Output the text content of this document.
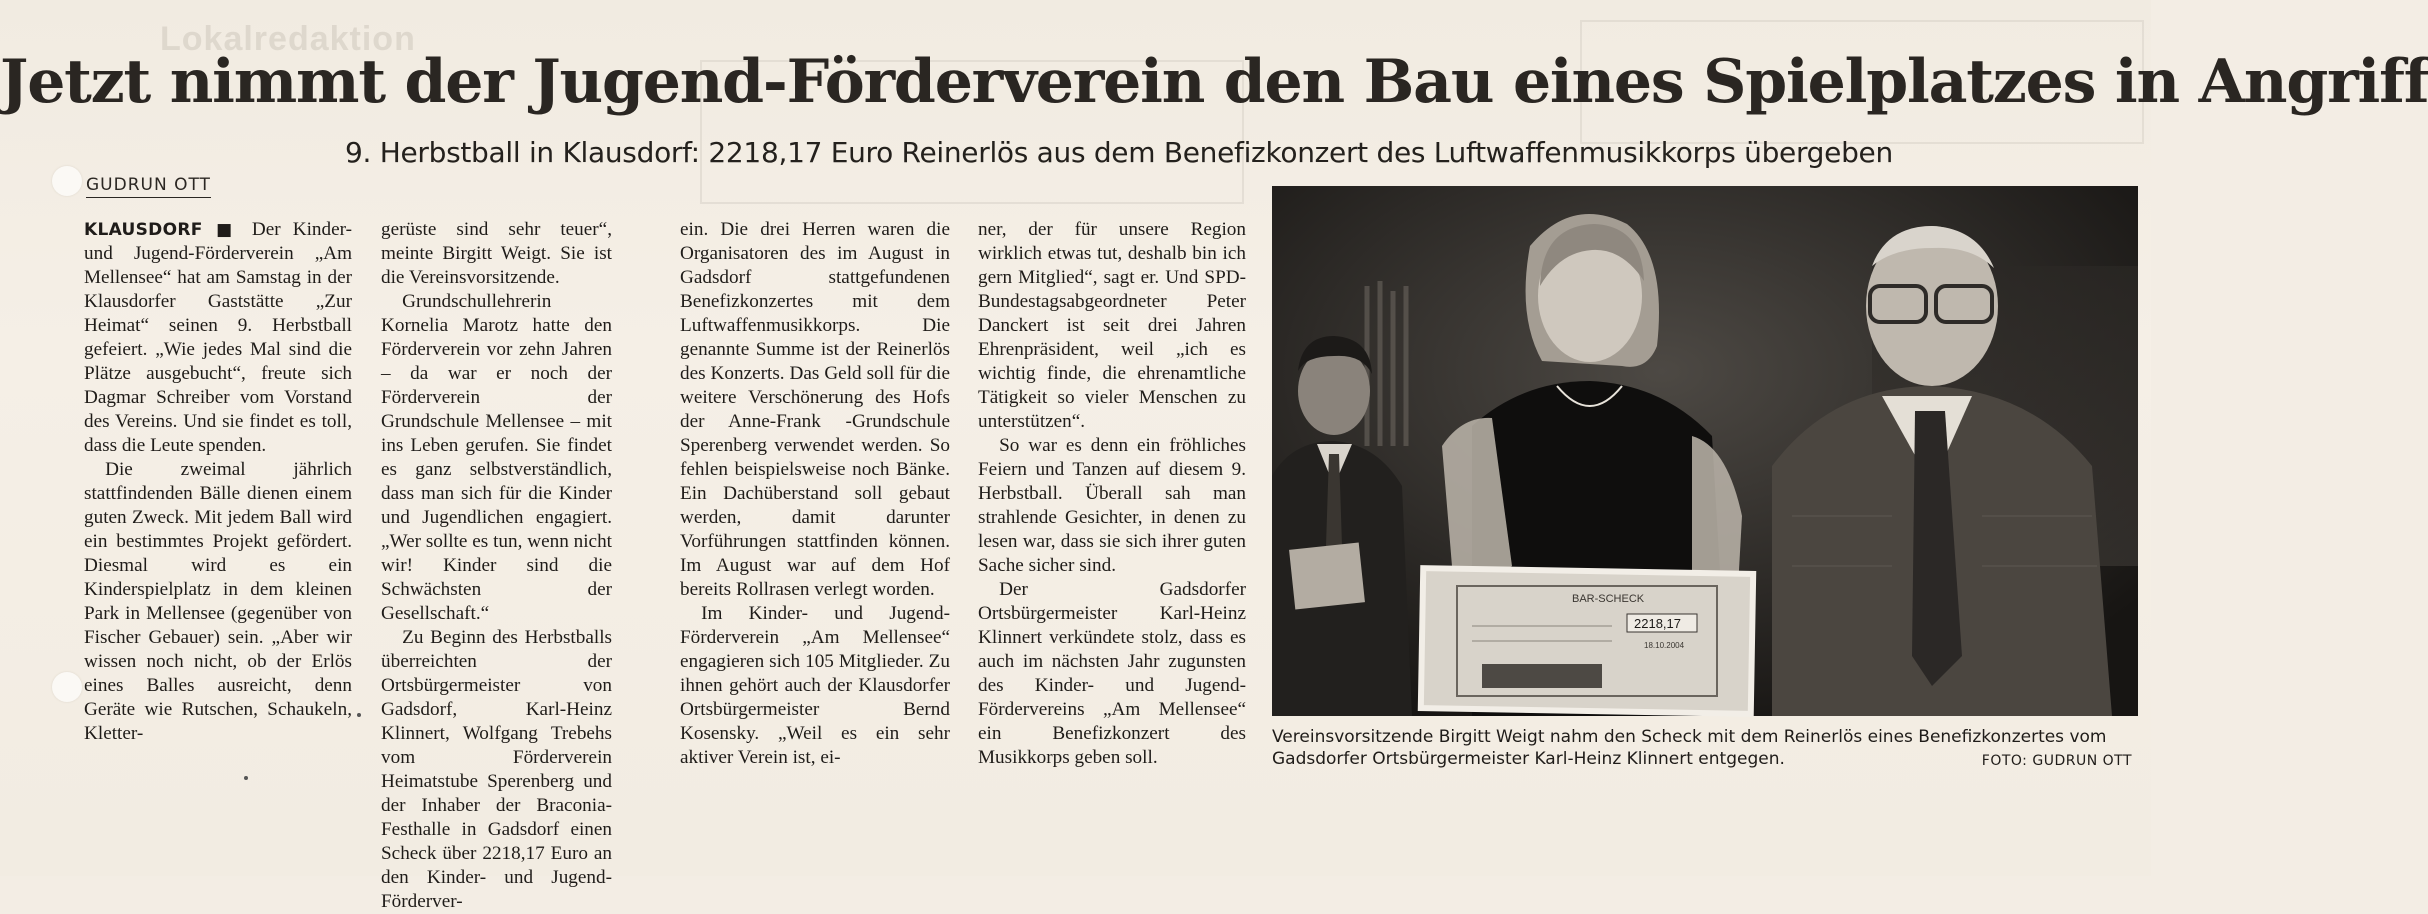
Lokalredaktion
Jetzt nimmt der Jugend-Förderverein den Bau eines Spielplatzes in Angriff
9. Herbstball in Klausdorf: 2218,17 Euro Reinerlös aus dem Benefizkonzert des Luftwaffenmusikkorps übergeben
GUDRUN OTT

KLAUSDORF ■ Der Kinder- und Jugend-Förderverein „Am Mellensee“ hat am Samstag in der Klausdorfer Gaststätte „Zur Heimat“ seinen 9. Herbstball gefeiert. „Wie jedes Mal sind die Plätze ausgebucht“, freute sich Dagmar Schreiber vom Vorstand des Vereins. Und sie findet es toll, dass die Leute spenden.

Die zweimal jährlich stattfindenden Bälle dienen einem guten Zweck. Mit jedem Ball wird ein bestimmtes Projekt gefördert. Diesmal wird es ein Kinderspielplatz in dem kleinen Park in Mellensee (gegenüber von Fischer Gebauer) sein. „Aber wir wissen noch nicht, ob der Erlös eines Balles ausreicht, denn Geräte wie Rutschen, Schaukeln, Kletter-

gerüste sind sehr teuer“, meinte Birgitt Weigt. Sie ist die Vereinsvorsitzende.

Grundschullehrerin Kornelia Marotz hatte den Förderverein vor zehn Jahren – da war er noch der Förderverein der Grundschule Mellensee – mit ins Leben gerufen. Sie findet es ganz selbstverständlich, dass man sich für die Kinder und Jugendlichen engagiert. „Wer sollte es tun, wenn nicht wir! Kinder sind die Schwächsten der Gesellschaft.“

Zu Beginn des Herbstballs überreichten der Ortsbürgermeister von Gadsdorf, Karl-Heinz Klinnert, Wolfgang Trebehs vom Förderverein Heimatstube Sperenberg und der Inhaber der Braconia-Festhalle in Gadsdorf einen Scheck über 2218,17 Euro an den Kinder- und Jugend-Förderver-

ein. Die drei Herren waren die Organisatoren des im August in Gadsdorf stattgefundenen Benefizkonzertes mit dem Luftwaffenmusikkorps. Die genannte Summe ist der Reinerlös des Konzerts. Das Geld soll für die weitere Verschönerung des Hofs der Anne-Frank -Grundschule Sperenberg verwendet werden. So fehlen beispielsweise noch Bänke. Ein Dachüberstand soll gebaut werden, damit darunter Vorführungen stattfinden können. Im August war auf dem Hof bereits Rollrasen verlegt worden.

Im Kinder- und Jugend-Förderverein „Am Mellensee“ engagieren sich 105 Mitglieder. Zu ihnen gehört auch der Klausdorfer Ortsbürgermeister Bernd Kosensky. „Weil es ein sehr aktiver Verein ist, ei-

ner, der für unsere Region wirklich etwas tut, deshalb bin ich gern Mitglied“, sagt er. Und SPD-Bundestagsabgeordneter Peter Danckert ist seit drei Jahren Ehrenpräsident, weil „ich es wichtig finde, die ehrenamtliche Tätigkeit so vieler Menschen zu unterstützen“.

So war es denn ein fröhliches Feiern und Tanzen auf diesem 9. Herbstball. Überall sah man strahlende Gesichter, in denen zu lesen war, dass sie sich ihrer guten Sache sicher sind.

Der Gadsdorfer Ortsbürgermeister Karl-Heinz Klinnert verkündete stolz, dass es auch im nächsten Jahr zugunsten des Kinder- und Jugend-Fördervereins „Am Mellensee“ ein Benefizkonzert des Musikkorps geben soll.

BAR-SCHECK
2218,17
18.10.2004
Vereinsvorsitzende Birgitt Weigt nahm den Scheck mit dem Reinerlös eines Benefizkonzertes vom Gadsdorfer Ortsbürgermeister Karl-Heinz Klinnert entgegen.	FOTO: GUDRUN OTT
